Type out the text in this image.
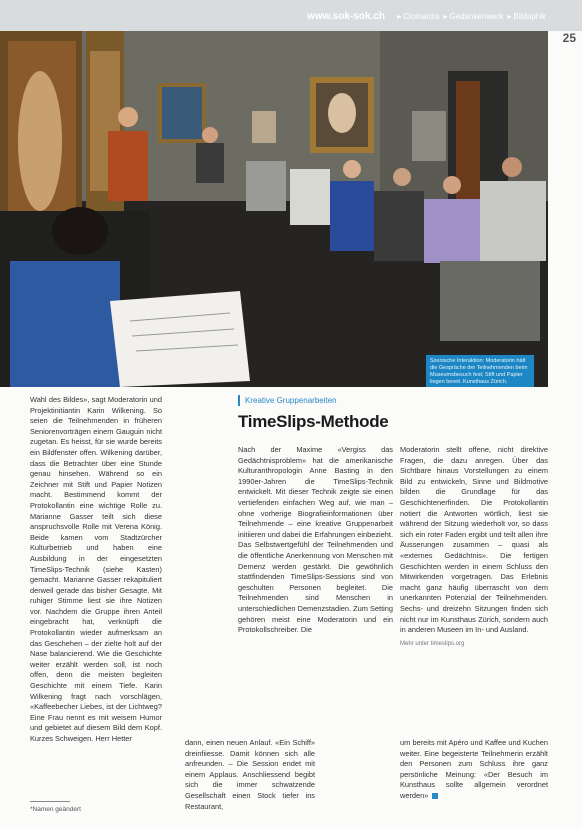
www.sok-sok.ch ▸ Clomanza ▸ Gedankenwerk ▸ Bildaphik
25
Szenische Interaktion: Moderatorin hält die Gespräche der Teilnehmenden beim Museumsbesuch fest; Stift und Papier liegen bereit. Kunsthaus Zürich.

Wahl des Bildes», sagt Moderatorin und Projektinitiantin Karin Wilkening. So seien die Teilnehmenden in früheren Seniorenvorträgen einem Gauguin nicht zugetan. Es heisst, für sie wurde bereits ein Bildfenster offen. Wilkening darüber, dass die Betrachter über eine Stunde genau hinsehen. Während so ein Zeichner mit Stift und Papier Notizen macht. Bestimmend kommt der Protokollantin eine wichtige Rolle zu. Marianne Gasser teilt sich diese anspruchsvolle Rolle mit Verena König. Beide kamen vom Stadtzürcher Kulturbetrieb und haben eine Ausbildung in der eingesetzten TimeSlips-Technik (siehe Kasten) gemacht. Marianne Gasser rekapituliert derweil gerade das bisher Gesagte. Mit ruhiger Stimme liest sie ihre Notizen vor. Nachdem die Gruppe ihren Anteil eingebracht hat, verknüpft die Protokollantin wieder aufmerksam an das Geschehen – der zielte holt auf der Nase balancierend. Wie die Geschichte weiter erzählt werden soll, ist noch offen, denn die meisten begleiten Geschichte mit einem Tiefe. Karin Wilkening fragt nach vorschlägen, «Kaffeebecher Liebes, ist der Lichtweg? Eine Frau nennt es mit weisem Humor und gebietet auf diesem Bild dem Kopf. Kurzes Schweigen. Herr Hetter

Kreative Gruppenarbeiten
TimeSlips-Methode

Nach der Maxime «Vergiss das Gedächtnisproblem» hat die amerikanische Kulturanthropologin Anne Basting in den 1990er-Jahren die TimeSlips-Technik entwickelt. Mit dieser Technik zeigte sie einen vertiefenden einfachen Weg auf, wie man – ohne vorherige Biografieinformationen über Teilnehmende – eine kreative Gruppenarbeit initiieren und dabei die Erfahrungen einbezieht. Das Selbstwertgefühl der Teilnehmenden und die öffentliche Anerkennung von Menschen mit Demenz werden gestärkt. Die gewöhnlich stattfindenden TimeSlips-Sessions sind von geschulten Personen begleitet. Die Teilnehmenden sind Menschen in unterschiedlichen Demenzstadien. Zum Setting gehören meist eine Moderatorin und ein Protokollschreiber. Die

Moderatorin stellt offene, nicht direktive Fragen, die dazu anregen. Über das Sichtbare hinaus Vorstellungen zu einem Bild zu entwickeln, Sinne und Bildmotive bilden die Grundlage für das Geschichtenerfinden. Die Protokollantin notiert die Antworten wörtlich, liest sie während der Sitzung wiederholt vor, so dass sich ein roter Faden ergibt und teilt allen ihre Äusserungen zusammen – quasi als «externes Gedächtnis». Die fertigen Geschichten werden in einem Schluss den Mitwirkenden vorgetragen. Das Erlebnis macht ganz häufig überrascht von dem unerkannten Potenzial der Teilnehmenden. Sechs- und dreizehn Sitzungen finden sich nicht nur im Kunsthaus Zürich, sondern auch in anderen Museen im In- und Ausland.

Mehr unter timeslips.org

dann, einen neuen Anlauf. «Ein Schiff» dreinfiiesse. Damit können sich alle anfreunden. – Die Session endet mit einem Applaus. Anschliessend begibt sich die immer schwatzende Gesellschaft einen Stock tiefer ins Restaurant,

um bereits mit Apéro und Kaffee und Kuchen weiter. Eine begeisterte Teilnehmerin erzählt den Personen zum Schluss ihre ganz persönliche Meinung: «Der Besuch im Kunsthaus sollte allgemein verordnet werden»

*Namen geändert
